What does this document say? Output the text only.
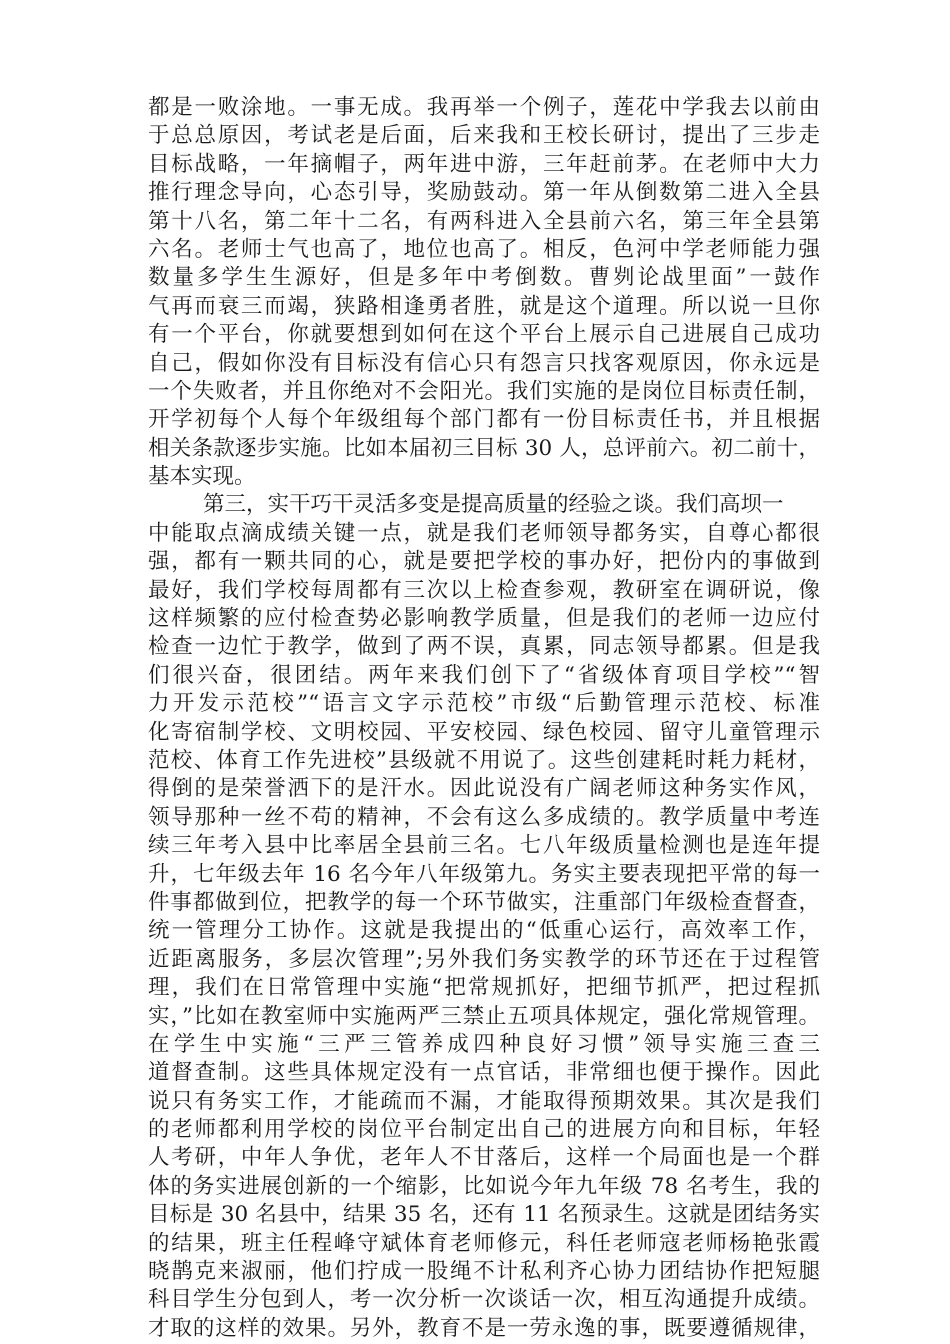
都是一败涂地。一事无成。我再举一个例子，莲花中学我去以前由
于总总原因，考试老是后面，后来我和王校长研讨，提出了三步走
目标战略，一年摘帽子，两年进中游，三年赶前茅。在老师中大力
推行理念导向，心态引导，奖励鼓动。第一年从倒数第二进入全县
第十八名，第二年十二名，有两科进入全县前六名，第三年全县第
六名。老师士气也高了，地位也高了。相反，色河中学老师能力强
数量多学生生源好，但是多年中考倒数。曹刿论战里面”一鼓作
气再而衰三而竭，狭路相逢勇者胜，就是这个道理。所以说一旦你
有一个平台，你就要想到如何在这个平台上展示自己进展自己成功
自己，假如你没有目标没有信心只有怨言只找客观原因，你永远是
一个失败者，并且你绝对不会阳光。我们实施的是岗位目标责任制，
开学初每个人每个年级组每个部门都有一份目标责任书，并且根据
相关条款逐步实施。比如本届初三目标 30 人，总评前六。初二前十，
基本实现。
第三，实干巧干灵活多变是提高质量的经验之谈。我们高坝一
中能取点滴成绩关键一点，就是我们老师领导都务实，自尊心都很
强，都有一颗共同的心，就是要把学校的事办好，把份内的事做到
最好，我们学校每周都有三次以上检查参观，教研室在调研说，像
这样频繁的应付检查势必影响教学质量，但是我们的老师一边应付
检查一边忙于教学，做到了两不误，真累，同志领导都累。但是我
们很兴奋，很团结。两年来我们创下了“省级体育项目学校”“智
力开发示范校”“语言文字示范校”市级“后勤管理示范校、标准
化寄宿制学校、文明校园、平安校园、绿色校园、留守儿童管理示
范校、体育工作先进校”县级就不用说了。这些创建耗时耗力耗材，
得倒的是荣誉洒下的是汗水。因此说没有广阔老师这种务实作风，
领导那种一丝不苟的精神，不会有这么多成绩的。教学质量中考连
续三年考入县中比率居全县前三名。七八年级质量检测也是连年提
升，七年级去年 16 名今年八年级第九。务实主要表现把平常的每一
件事都做到位，把教学的每一个环节做实，注重部门年级检查督查，
统一管理分工协作。这就是我提出的“低重心运行，高效率工作，
近距离服务，多层次管理”;另外我们务实教学的环节还在于过程管
理，我们在日常管理中实施“把常规抓好，把细节抓严，把过程抓
实，”比如在教室师中实施两严三禁止五项具体规定，强化常规管理。
在学生中实施“三严三管养成四种良好习惯”领导实施三查三
道督查制。这些具体规定没有一点官话，非常细也便于操作。因此
说只有务实工作，才能疏而不漏，才能取得预期效果。其次是我们
的老师都利用学校的岗位平台制定出自己的进展方向和目标，年轻
人考研，中年人争优，老年人不甘落后，这样一个局面也是一个群
体的务实进展创新的一个缩影，比如说今年九年级 78 名考生，我的
目标是 30 名县中，结果 35 名，还有 11 名预录生。这就是团结务实
的结果，班主任程峰守斌体育老师修元，科任老师寇老师杨艳张霞
晓鹊克来淑丽，他们拧成一股绳不计私利齐心协力团结协作把短腿
科目学生分包到人，考一次分析一次谈话一次，相互沟通提升成绩。
才取的这样的效果。另外，教育不是一劳永逸的事，既要遵循规律，
